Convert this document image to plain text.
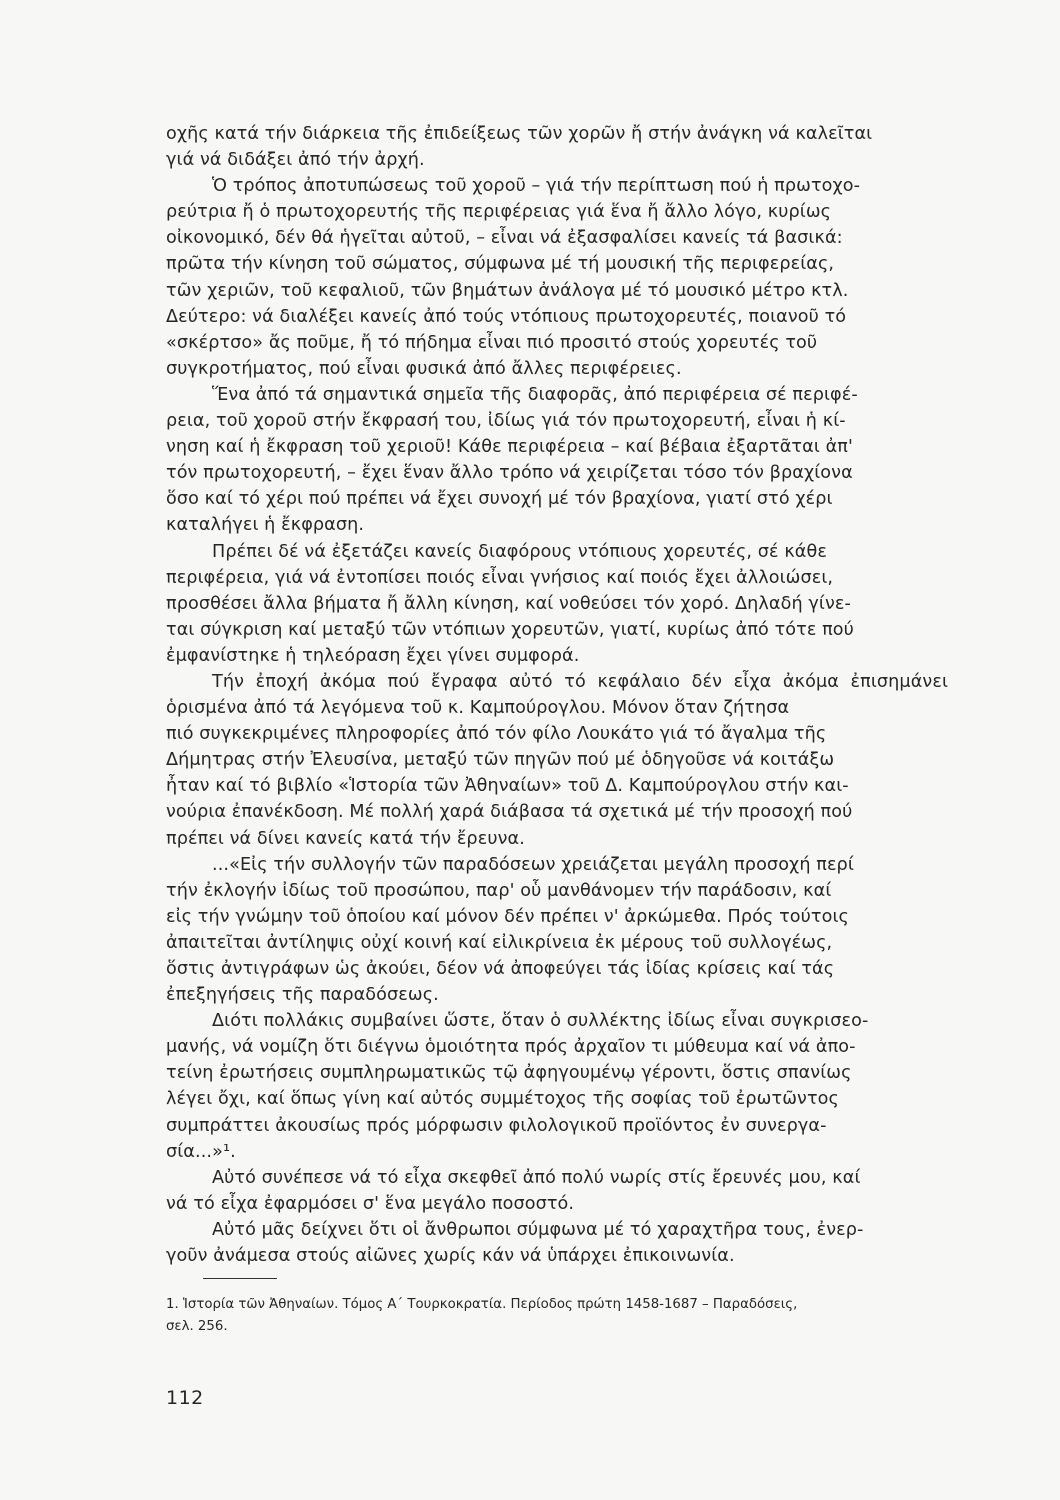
οχῆς κατά τήν διάρκεια τῆς ἐπιδείξεως τῶν χορῶν ἤ στήν ἀνάγκη νά καλεῖται
γιά νά διδάξει ἀπό τήν ἀρχή.

Ὁ τρόπος ἀποτυπώσεως τοῦ χοροῦ – γιά τήν περίπτωση πού ἡ πρωτοχο-
ρεύτρια ἤ ὁ πρωτοχορευτής τῆς περιφέρειας γιά ἕνα ἤ ἄλλο λόγο, κυρίως
οἰκονομικό, δέν θά ἡγεῖται αὐτοῦ, – εἶναι νά ἐξασφαλίσει κανείς τά βασικά:
πρῶτα τήν κίνηση τοῦ σώματος, σύμφωνα μέ τή μουσική τῆς περιφερείας,
τῶν χεριῶν, τοῦ κεφαλιοῦ, τῶν βημάτων ἀνάλογα μέ τό μουσικό μέτρο κτλ.
Δεύτερο: νά διαλέξει κανείς ἀπό τούς ντόπιους πρωτοχορευτές, ποιανοῦ τό
«σκέρτσο» ἄς ποῦμε, ἤ τό πήδημα εἶναι πιό προσιτό στούς χορευτές τοῦ
συγκροτήματος, πού εἶναι φυσικά ἀπό ἄλλες περιφέρειες.

Ἕνα ἀπό τά σημαντικά σημεῖα τῆς διαφορᾶς, ἀπό περιφέρεια σέ περιφέ-
ρεια, τοῦ χοροῦ στήν ἔκφρασή του, ἰδίως γιά τόν πρωτοχορευτή, εἶναι ἡ κί-
νηση καί ἡ ἔκφραση τοῦ χεριοῦ! Κάθε περιφέρεια – καί βέβαια ἐξαρτᾶται ἀπ'
τόν πρωτοχορευτή, – ἔχει ἕναν ἄλλο τρόπο νά χειρίζεται τόσο τόν βραχίονα
ὅσο καί τό χέρι πού πρέπει νά ἔχει συνοχή μέ τόν βραχίονα, γιατί στό χέρι
καταλήγει ἡ ἔκφραση.

Πρέπει δέ νά ἐξετάζει κανείς διαφόρους ντόπιους χορευτές, σέ κάθε
περιφέρεια, γιά νά ἐντοπίσει ποιός εἶναι γνήσιος καί ποιός ἔχει ἀλλοιώσει,
προσθέσει ἄλλα βήματα ἤ ἄλλη κίνηση, καί νοθεύσει τόν χορό. Δηλαδή γίνε-
ται σύγκριση καί μεταξύ τῶν ντόπιων χορευτῶν, γιατί, κυρίως ἀπό τότε πού
ἐμφανίστηκε ἡ τηλεόραση ἔχει γίνει συμφορά.

Τήν ἐποχή ἀκόμα πού ἔγραφα αὐτό τό κεφάλαιο δέν εἶχα ἀκόμα ἐπισημάνει ὁρισμένα ἀπό τά λεγόμενα τοῦ κ. Καμπούρογλου. Μόνον ὅταν ζήτησα
πιό συγκεκριμένες πληροφορίες ἀπό τόν φίλο Λουκάτο γιά τό ἄγαλμα τῆς
Δήμητρας στήν Ἐλευσίνα, μεταξύ τῶν πηγῶν πού μέ ὁδηγοῦσε νά κοιτάξω
ἦταν καί τό βιβλίο «Ἱστορία τῶν Ἀθηναίων» τοῦ Δ. Καμπούρογλου στήν και-
νούρια ἐπανέκδοση. Μέ πολλή χαρά διάβασα τά σχετικά μέ τήν προσοχή πού
πρέπει νά δίνει κανείς κατά τήν ἔρευνα.

...«Εἰς τήν συλλογήν τῶν παραδόσεων χρειάζεται μεγάλη προσοχή περί
τήν ἐκλογήν ἰδίως τοῦ προσώπου, παρ' οὗ μανθάνομεν τήν παράδοσιν, καί
εἰς τήν γνώμην τοῦ ὁποίου καί μόνον δέν πρέπει ν' ἀρκώμεθα. Πρός τούτοις
ἀπαιτεῖται ἀντίληψις οὐχί κοινή καί εἰλικρίνεια ἐκ μέρους τοῦ συλλογέως,
ὅστις ἀντιγράφων ὡς ἀκούει, δέον νά ἀποφεύγει τάς ἰδίας κρίσεις καί τάς
ἐπεξηγήσεις τῆς παραδόσεως.

Διότι πολλάκις συμβαίνει ὥστε, ὅταν ὁ συλλέκτης ἰδίως εἶναι συγκρισεο-
μανής, νά νομίζη ὅτι διέγνω ὁμοιότητα πρός ἀρχαῖον τι μύθευμα καί νά ἀπο-
τείνη ἐρωτήσεις συμπληρωματικῶς τῷ ἀφηγουμένῳ γέροντι, ὅστις σπανίως
λέγει ὄχι, καί ὅπως γίνη καί αὐτός συμμέτοχος τῆς σοφίας τοῦ ἐρωτῶντος
συμπράττει ἀκουσίως πρός μόρφωσιν φιλολογικοῦ προϊόντος ἐν συνεργα-
σία...»¹.

Αὐτό συνέπεσε νά τό εἶχα σκεφθεῖ ἀπό πολύ νωρίς στίς ἔρευνές μου, καί
νά τό εἶχα ἐφαρμόσει σ' ἕνα μεγάλο ποσοστό.

Αὐτό μᾶς δείχνει ὅτι οἱ ἄνθρωποι σύμφωνα μέ τό χαραχτῆρα τους, ἐνερ-
γοῦν ἀνάμεσα στούς αἰῶνες χωρίς κάν νά ὑπάρχει ἐπικοινωνία.

1. Ἱστορία τῶν Ἀθηναίων. Τόμος Α΄ Τουρκοκρατία. Περίοδος πρώτη 1458-1687 – Παραδόσεις,
σελ. 256.

112
